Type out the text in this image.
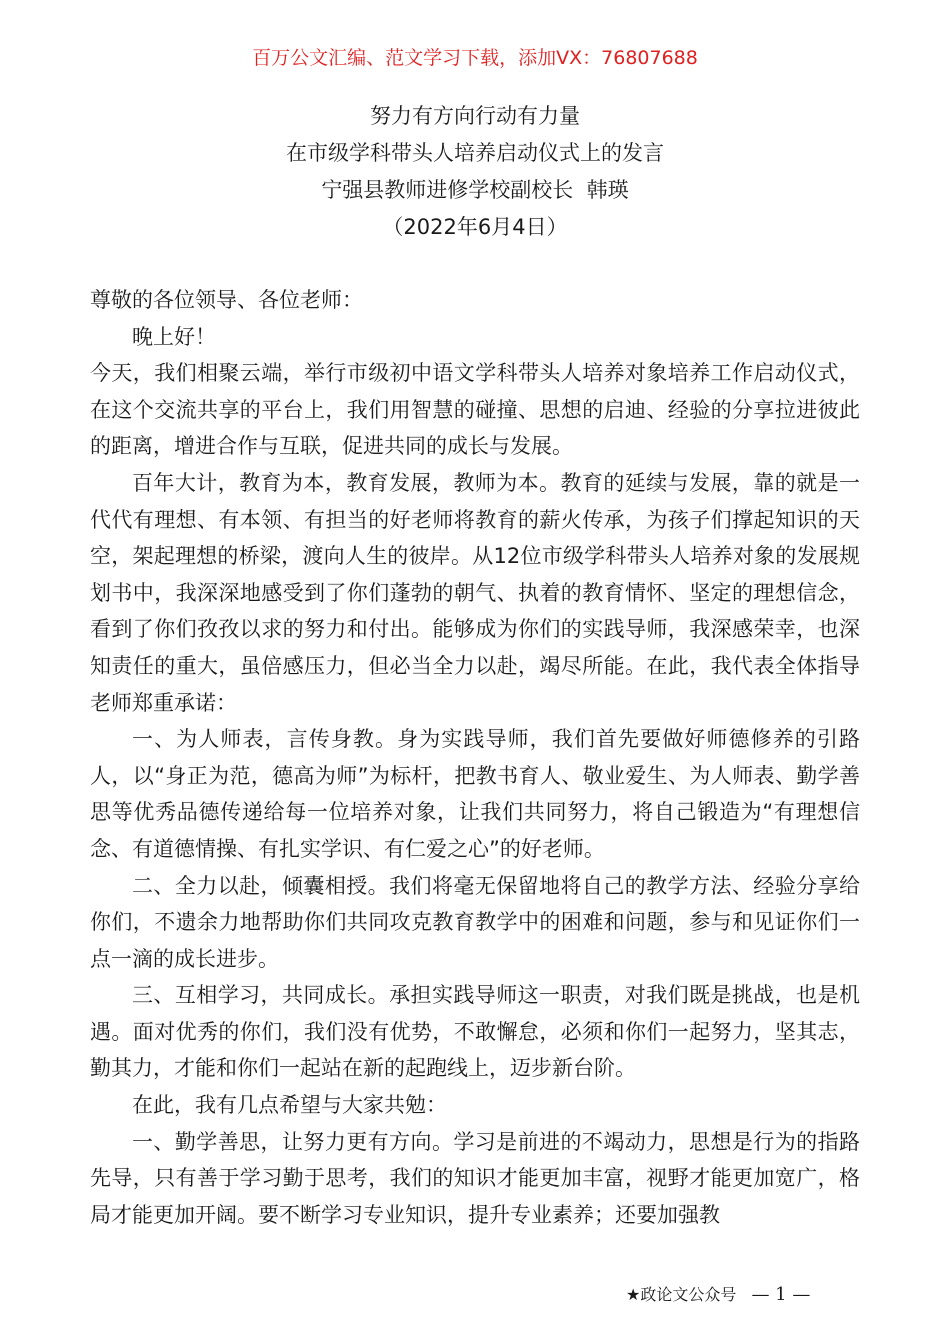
百万公文汇编、范文学习下载，添加VX：76807688
努力有方向行动有力量
在市级学科带头人培养启动仪式上的发言
宁强县教师进修学校副校长  韩瑛
（2022年6月4日）

尊敬的各位领导、各位老师：

晚上好！

今天，我们相聚云端，举行市级初中语文学科带头人培养对象培养工作启动仪式，在这个交流共享的平台上，我们用智慧的碰撞、思想的启迪、经验的分享拉进彼此的距离，增进合作与互联，促进共同的成长与发展。

百年大计，教育为本，教育发展，教师为本。教育的延续与发展，靠的就是一代代有理想、有本领、有担当的好老师将教育的薪火传承，为孩子们撑起知识的天空，架起理想的桥梁，渡向人生的彼岸。从12位市级学科带头人培养对象的发展规划书中，我深深地感受到了你们蓬勃的朝气、执着的教育情怀、坚定的理想信念，看到了你们孜孜以求的努力和付出。能够成为你们的实践导师，我深感荣幸，也深知责任的重大，虽倍感压力，但必当全力以赴，竭尽所能。在此，我代表全体指导老师郑重承诺：

一、为人师表，言传身教。身为实践导师，我们首先要做好师德修养的引路人，以“身正为范，德高为师”为标杆，把教书育人、敬业爱生、为人师表、勤学善思等优秀品德传递给每一位培养对象，让我们共同努力，将自己锻造为“有理想信念、有道德情操、有扎实学识、有仁爱之心”的好老师。

二、全力以赴，倾囊相授。我们将毫无保留地将自己的教学方法、经验分享给你们，不遗余力地帮助你们共同攻克教育教学中的困难和问题，参与和见证你们一点一滴的成长进步。

三、互相学习，共同成长。承担实践导师这一职责，对我们既是挑战，也是机遇。面对优秀的你们，我们没有优势，不敢懈怠，必须和你们一起努力，坚其志，勤其力，才能和你们一起站在新的起跑线上，迈步新台阶。

在此，我有几点希望与大家共勉：

一、勤学善思，让努力更有方向。学习是前进的不竭动力，思想是行为的指路先导，只有善于学习勤于思考，我们的知识才能更加丰富，视野才能更加宽广，格局才能更加开阔。要不断学习专业知识，提升专业素养；还要加强教

★政论文公众号 — 1 —
